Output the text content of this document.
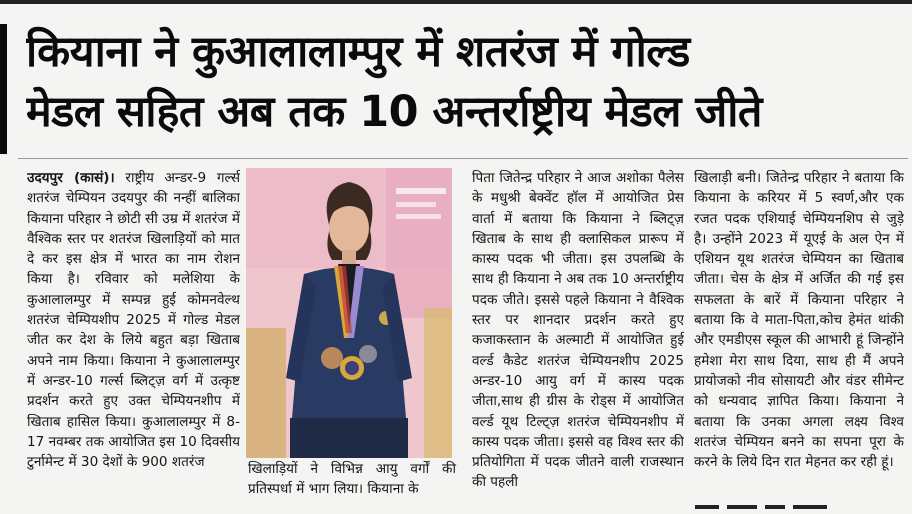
कियाना ने कुआलालाम्पुर में शतरंज में गोल्ड
मेडल सहित अब तक 10 अन्तर्राष्ट्रीय मेडल जीते

उदयपुर (कासं)। राष्ट्रीय अन्डर-9 गर्ल्स शतरंज चेम्पियन उदयपुर की नन्हीं बालिका कियाना परिहार ने छोटी सी उम्र में शतरंज में वैश्विक स्तर पर शतरंज खिलाड़ियों को मात दे कर इस क्षेत्र में भारत का नाम रोशन किया है। रविवार को मलेशिया के कुआलालम्पुर में सम्पन्न हुई कोमनवेल्थ शतरंज चेम्पियशीप 2025 में गोल्ड मेडल जीत कर देश के लिये बहुत बड़ा खिताब अपने नाम किया। कियाना ने कुआलालम्पुर में अन्डर-10 गर्ल्स ब्लिट्ज़ वर्ग में उत्कृष्ट प्रदर्शन करते हुए उक्त चेम्पियनशीप में खिताब हासिल किया। कुआलालम्पुर में 8-17 नवम्बर तक आयोजित इस 10 दिवसीय टुर्नामेन्ट में 30 देशों के 900 शतरंज	खिलाड़ियों ने विभिन्न आयु वर्गों की प्रतिस्पर्धा में भाग लिया। कियाना के

पिता जितेन्द्र परिहार ने आज अशोका पैलेस के मधुश्री बेक्वेंट हॉल में आयोजित प्रेस वार्ता में बताया कि कियाना ने ब्लिट्ज़ खिताब के साथ ही क्लासिकल प्रारूप में कास्य पदक भी जीता। इस उपलब्धि के साथ ही कियाना ने अब तक 10 अन्तर्राष्ट्रीय पदक जीते। इससे पहले कियाना ने वैश्विक स्तर पर शानदार प्रदर्शन करते हुए कजाकस्तान के अल्माटी में आयोजित हुई वर्ल्ड कैडेट शतरंज चेम्पियनशीप 2025 अन्डर-10 आयु वर्ग में कास्य पदक जीता,साथ ही ग्रीस के रोड्स में आयोजित वर्ल्ड यूथ टिल्ट्ज़ शतरंज चेम्पियनशीप में कास्य पदक जीता। इससे वह विश्व स्तर की प्रतियोगिता में पदक जीतने वाली राजस्थान की पहली

खिलाड़ी बनी। जितेन्द्र परिहार ने बताया कि कियाना के करियर में 5 स्वर्ण,और एक रजत पदक एशियाई चेम्पियनशिप से जुड़े है। उन्होंने 2023 में यूएई के अल ऐन में एशियन यूथ शतरंज चेम्पियन का खिताब जीता। चेस के क्षेत्र में अर्जित की गई इस सफलता के बारें में कियाना परिहार ने बताया कि वे माता-पिता,कोच हेमंत थांकी और एमडीएस स्कूल की आभारी हूं जिन्होंने हमेशा मेरा साथ दिया, साथ ही मैं अपने प्रायोजको नीव सोसायटी और वंडर सीमेन्ट को धन्यवाद ज्ञापित किया। कियाना ने बताया कि उनका अगला लक्ष्य विश्व शतरंज चेम्पियन बनने का सपना पूरा के करने के लिये दिन रात मेहनत कर रही हूं।
